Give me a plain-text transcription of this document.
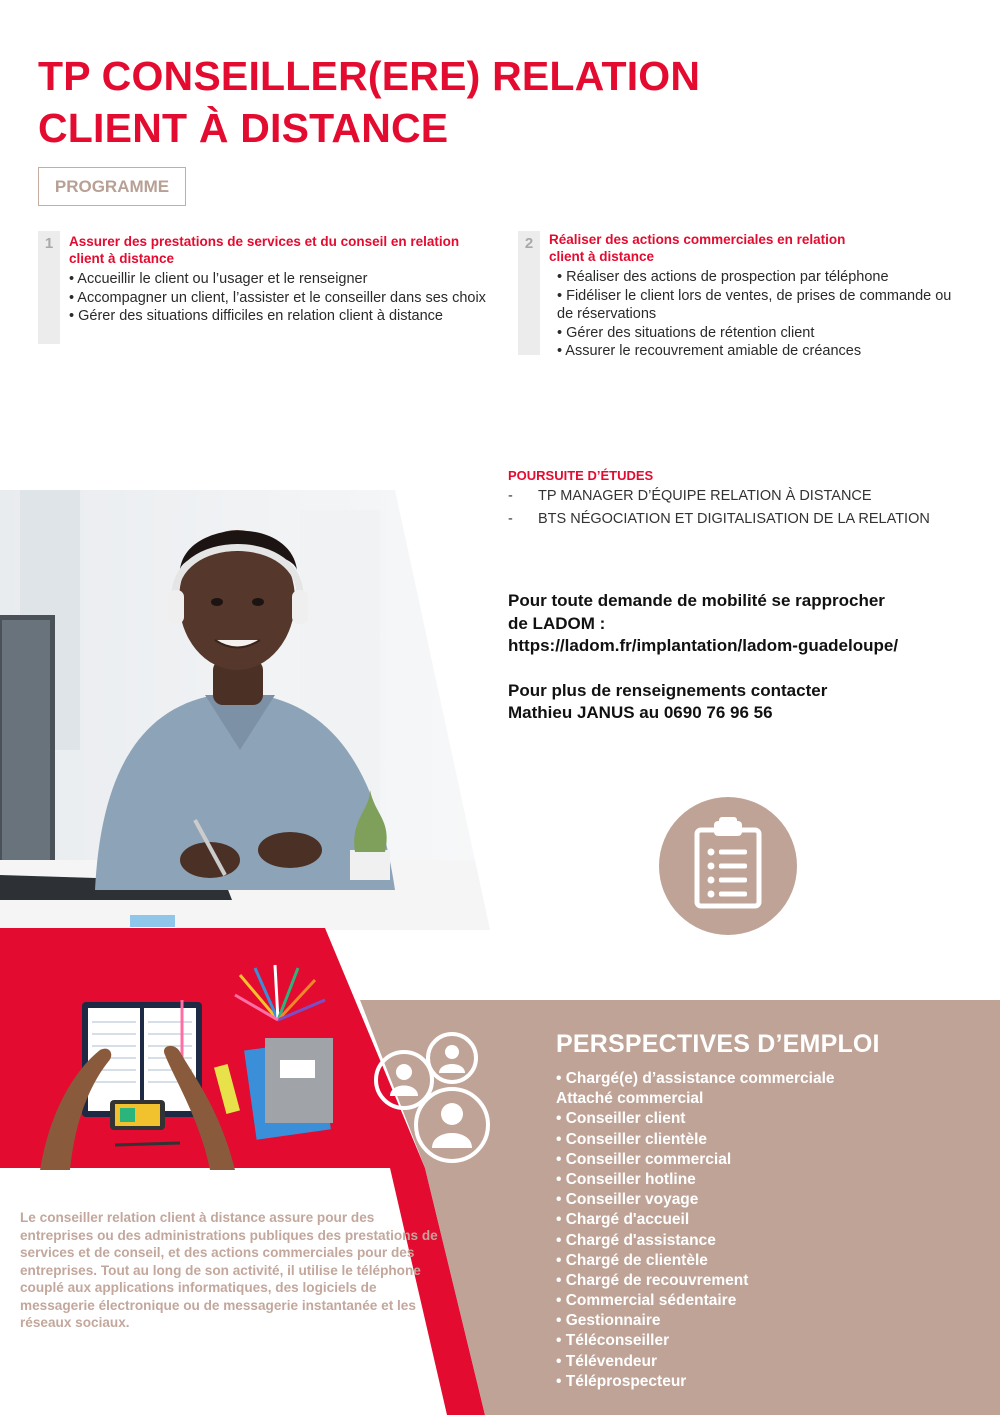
TP CONSEILLER(ERE) RELATION
CLIENT À DISTANCE
PROGRAMME
1	Assurer des prestations de services et du conseil en relation client à distance
• Accueillir le client ou l’usager et le renseigner
• Accompagner un client, l’assister et le conseiller dans ses choix
• Gérer des situations difficiles en relation client à distance
2	Réaliser des actions commerciales en relation client à distance
• Réaliser des actions de prospection par téléphone
• Fidéliser le client lors de ventes, de prises de commande ou de réservations
• Gérer des situations de rétention client
• Assurer le recouvrement amiable de créances
POURSUITE D’ÉTUDES
- TP MANAGER D’ÉQUIPE RELATION À DISTANCE
- BTS NÉGOCIATION ET DIGITALISATION DE LA RELATION

Pour toute demande de mobilité se rapprocher

de LADOM :

https://ladom.fr/implantation/ladom-guadeloupe/

Pour plus de renseignements contacter

Mathieu JANUS au 0690 76 96 56

PERSPECTIVES D’EMPLOI
• Chargé(e) d’assistance commerciale
Attaché commercial
• Conseiller client
• Conseiller clientèle
• Conseiller commercial
• Conseiller hotline
• Conseiller voyage
• Chargé d'accueil
• Chargé d'assistance
• Chargé de clientèle
• Chargé de recouvrement
• Commercial sédentaire
• Gestionnaire
• Téléconseiller
• Télévendeur
• Téléprospecteur
Le conseiller relation client à distance assure pour des entreprises ou des administrations publiques des prestations de services et de conseil, et des actions commerciales pour des entreprises. Tout au long de son activité, il utilise le téléphone couplé aux applications informatiques, des logiciels de messagerie électronique ou de messagerie instantanée et les réseaux sociaux.
